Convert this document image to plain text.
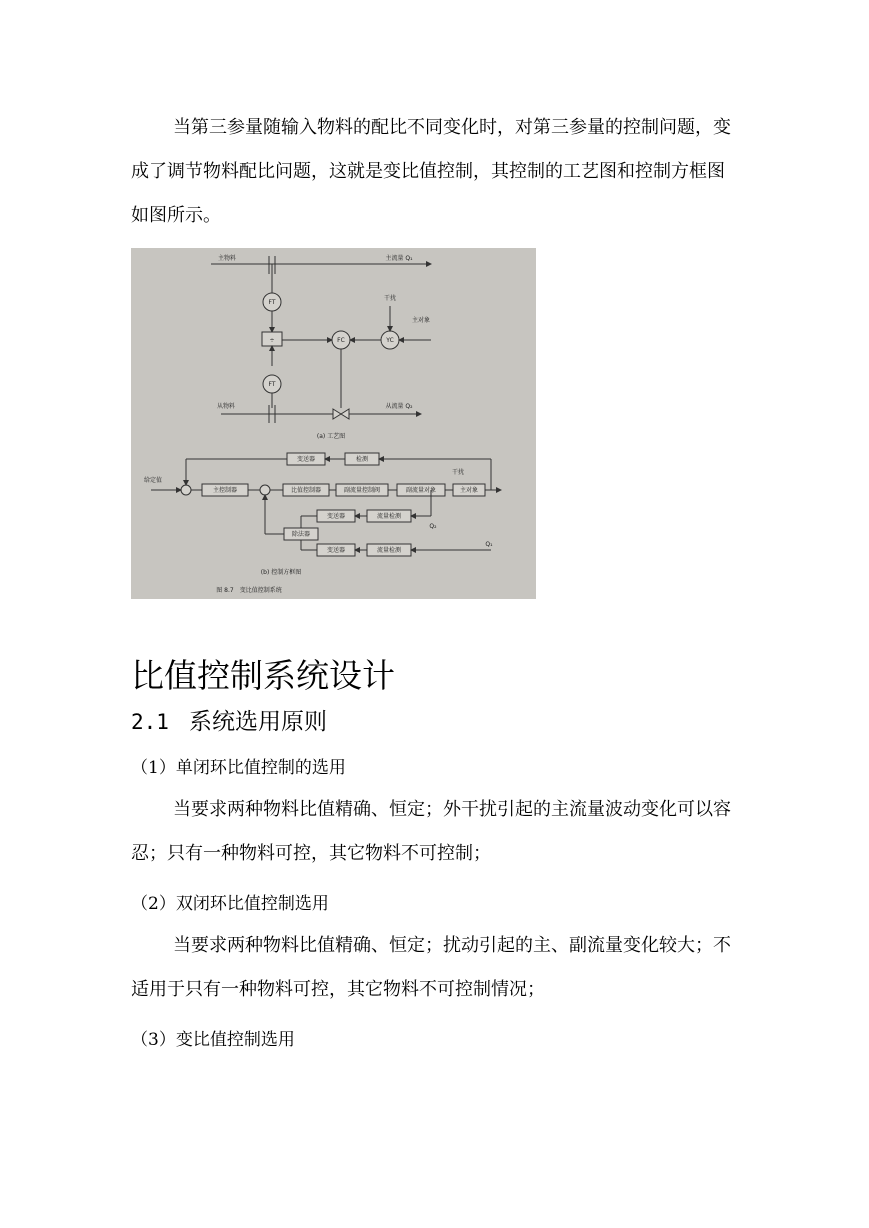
当第三参量随输入物料的配比不同变化时，对第三参量的控制问题，变成了调节物料配比问题，这就是变比值控制，其控制的工艺图和控制方框图如图所示。

主物料	主流量 Q₁
FT
÷	FC	YC
干扰
主对象
FT
从物料	从流量 Q₂
(a) 工艺图
变送器	检测
给定值
主控制器	比值控制器	副流量控制阀	副流量对象	主对象
干扰
变送器	流量检测
Q₂
除法器
变送器	流量检测
Q₁
(b) 控制方框图
图 8.7　变比值控制系统
比值控制系统设计
2.1 系统选用原则

（1）单闭环比值控制的选用

当要求两种物料比值精确、恒定；外干扰引起的主流量波动变化可以容忍；只有一种物料可控，其它物料不可控制；

（2）双闭环比值控制选用

当要求两种物料比值精确、恒定；扰动引起的主、副流量变化较大；不适用于只有一种物料可控，其它物料不可控制情况；

（3）变比值控制选用
